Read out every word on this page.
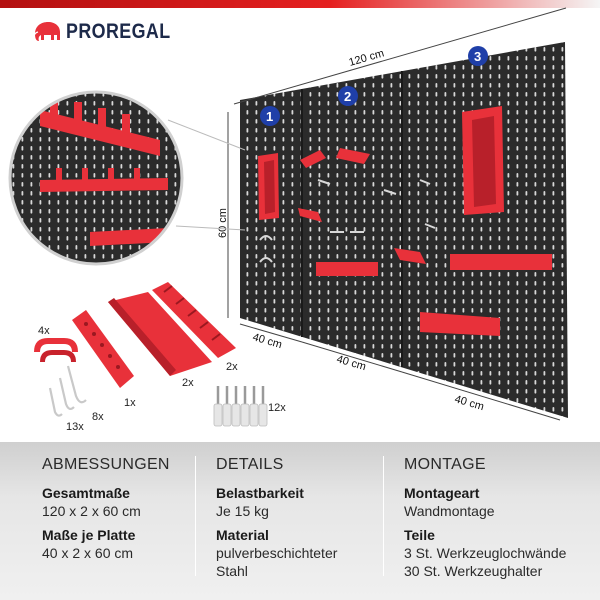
PROREGAL
120 cm
60 cm
40 cm
40 cm
40 cm
1
2
3
4x
8x
13x
1x
2x
2x
12x
ABMESSUNGEN
Gesamtmaße
120 x 2 x 60 cm
Maße je Platte
40 x 2 x 60 cm
DETAILS
Belastbarkeit
Je 15 kg
Material
pulverbeschichteter
Stahl
MONTAGE
Montageart
Wandmontage
Teile
3 St. Werkzeuglochwände
30 St. Werkzeughalter
